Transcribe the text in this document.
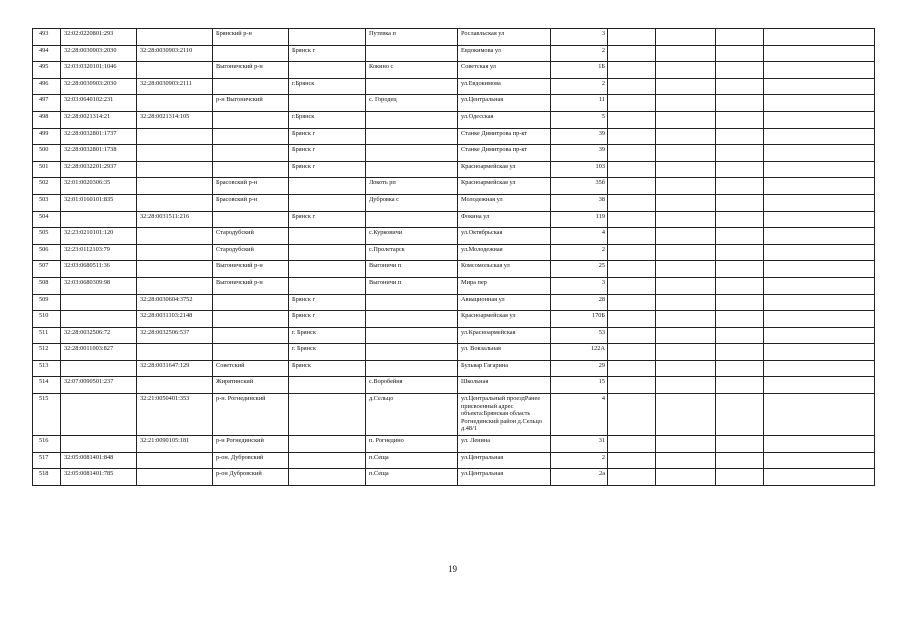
493	32:02:0220801:293		Брянский р-н		Путевка п	Рославльская ул	3				
494	32:28:0030903:2030	32:28:0030903:2110		Брянск г		Евдокимова ул	2				
495	32:03:0320101:1046		Выгоничский р-н		Кокино с	Советская ул	1Б				
496	32:28:0030903:2030	32:28:0030903:2111		г.Брянск		ул.Евдокимова	2				
497	32:03:0640102:231		р-н Выгоничский		с. Городец	ул.Центральная	11				
498	32:28:0021314:21	32:28:0021314:105		г.Брянск		ул.Одесская	5				
499	32:28:0032801:1737			Брянск г		Станке Димитрова пр-кт	39				
500	32:28:0032801:1738			Брянск г		Станке Димитрова пр-кт	39				
501	32:28:0032201:2937			Брянск г		Красноармейская ул	103				
502	32:01:0020306:35		Брасовский р-н		Локоть рп	Красноармейская ул	35б				
503	32:01:0160101:835		Брасовский р-н		Дубровка с	Молодежная ул	38				
504		32:28:0031511:216		Брянск г		Фокина ул	119				
505	32:23:0210101:120		Стародубский		с.Курковичи	ул.Октябрьская	4				
506	32:23:0112103:79		Стародубский		с.Пролетарск	ул.Молодежная	2				
507	32:03:0680511:36		Выгоничский р-н		Выгоничи п	Комсомольская ул	25				
508	32:03:0680309:98		Выгоничский р-н		Выгоничи п	Мира пер	3				
509		32:28:0030604:3752		Брянск г		Авиационная ул	28				
510		32:28:0031103:2148		Брянск г		Красноармейская ул	170Б				
511	32:28:0032506:72	32:28:0032506:537		г. Брянск		ул.Красноармейская	53				
512	32:28:0011003:827			г. Брянск		ул. Вокзальная	122А				
513		32:28:0031647:129	Советский	Брянск		Бульвар Гагарина	29				
514	32:07:0090501:237		Жирятинский		с.Воробейня	Школьная	15				
515		32:21:0050401:353	р-н. Рогнединский		д.Сельцо	ул.Центральный проездРанее присвоенный адрес объекта:Брянская область Рогнединский район д.Сельцо д.48/1	4				
516		32:21:0090105:181	р-н Рогнединский		п. Рогнедино	ул. Ленина	31				
517	32:05:0081401:848		р-он. Дубровский		п.Сеща	ул.Центральная	2				
518	32:05:0081401:785		р-он Дубровский		п.Сеща	ул.Центральная	2а				
19
